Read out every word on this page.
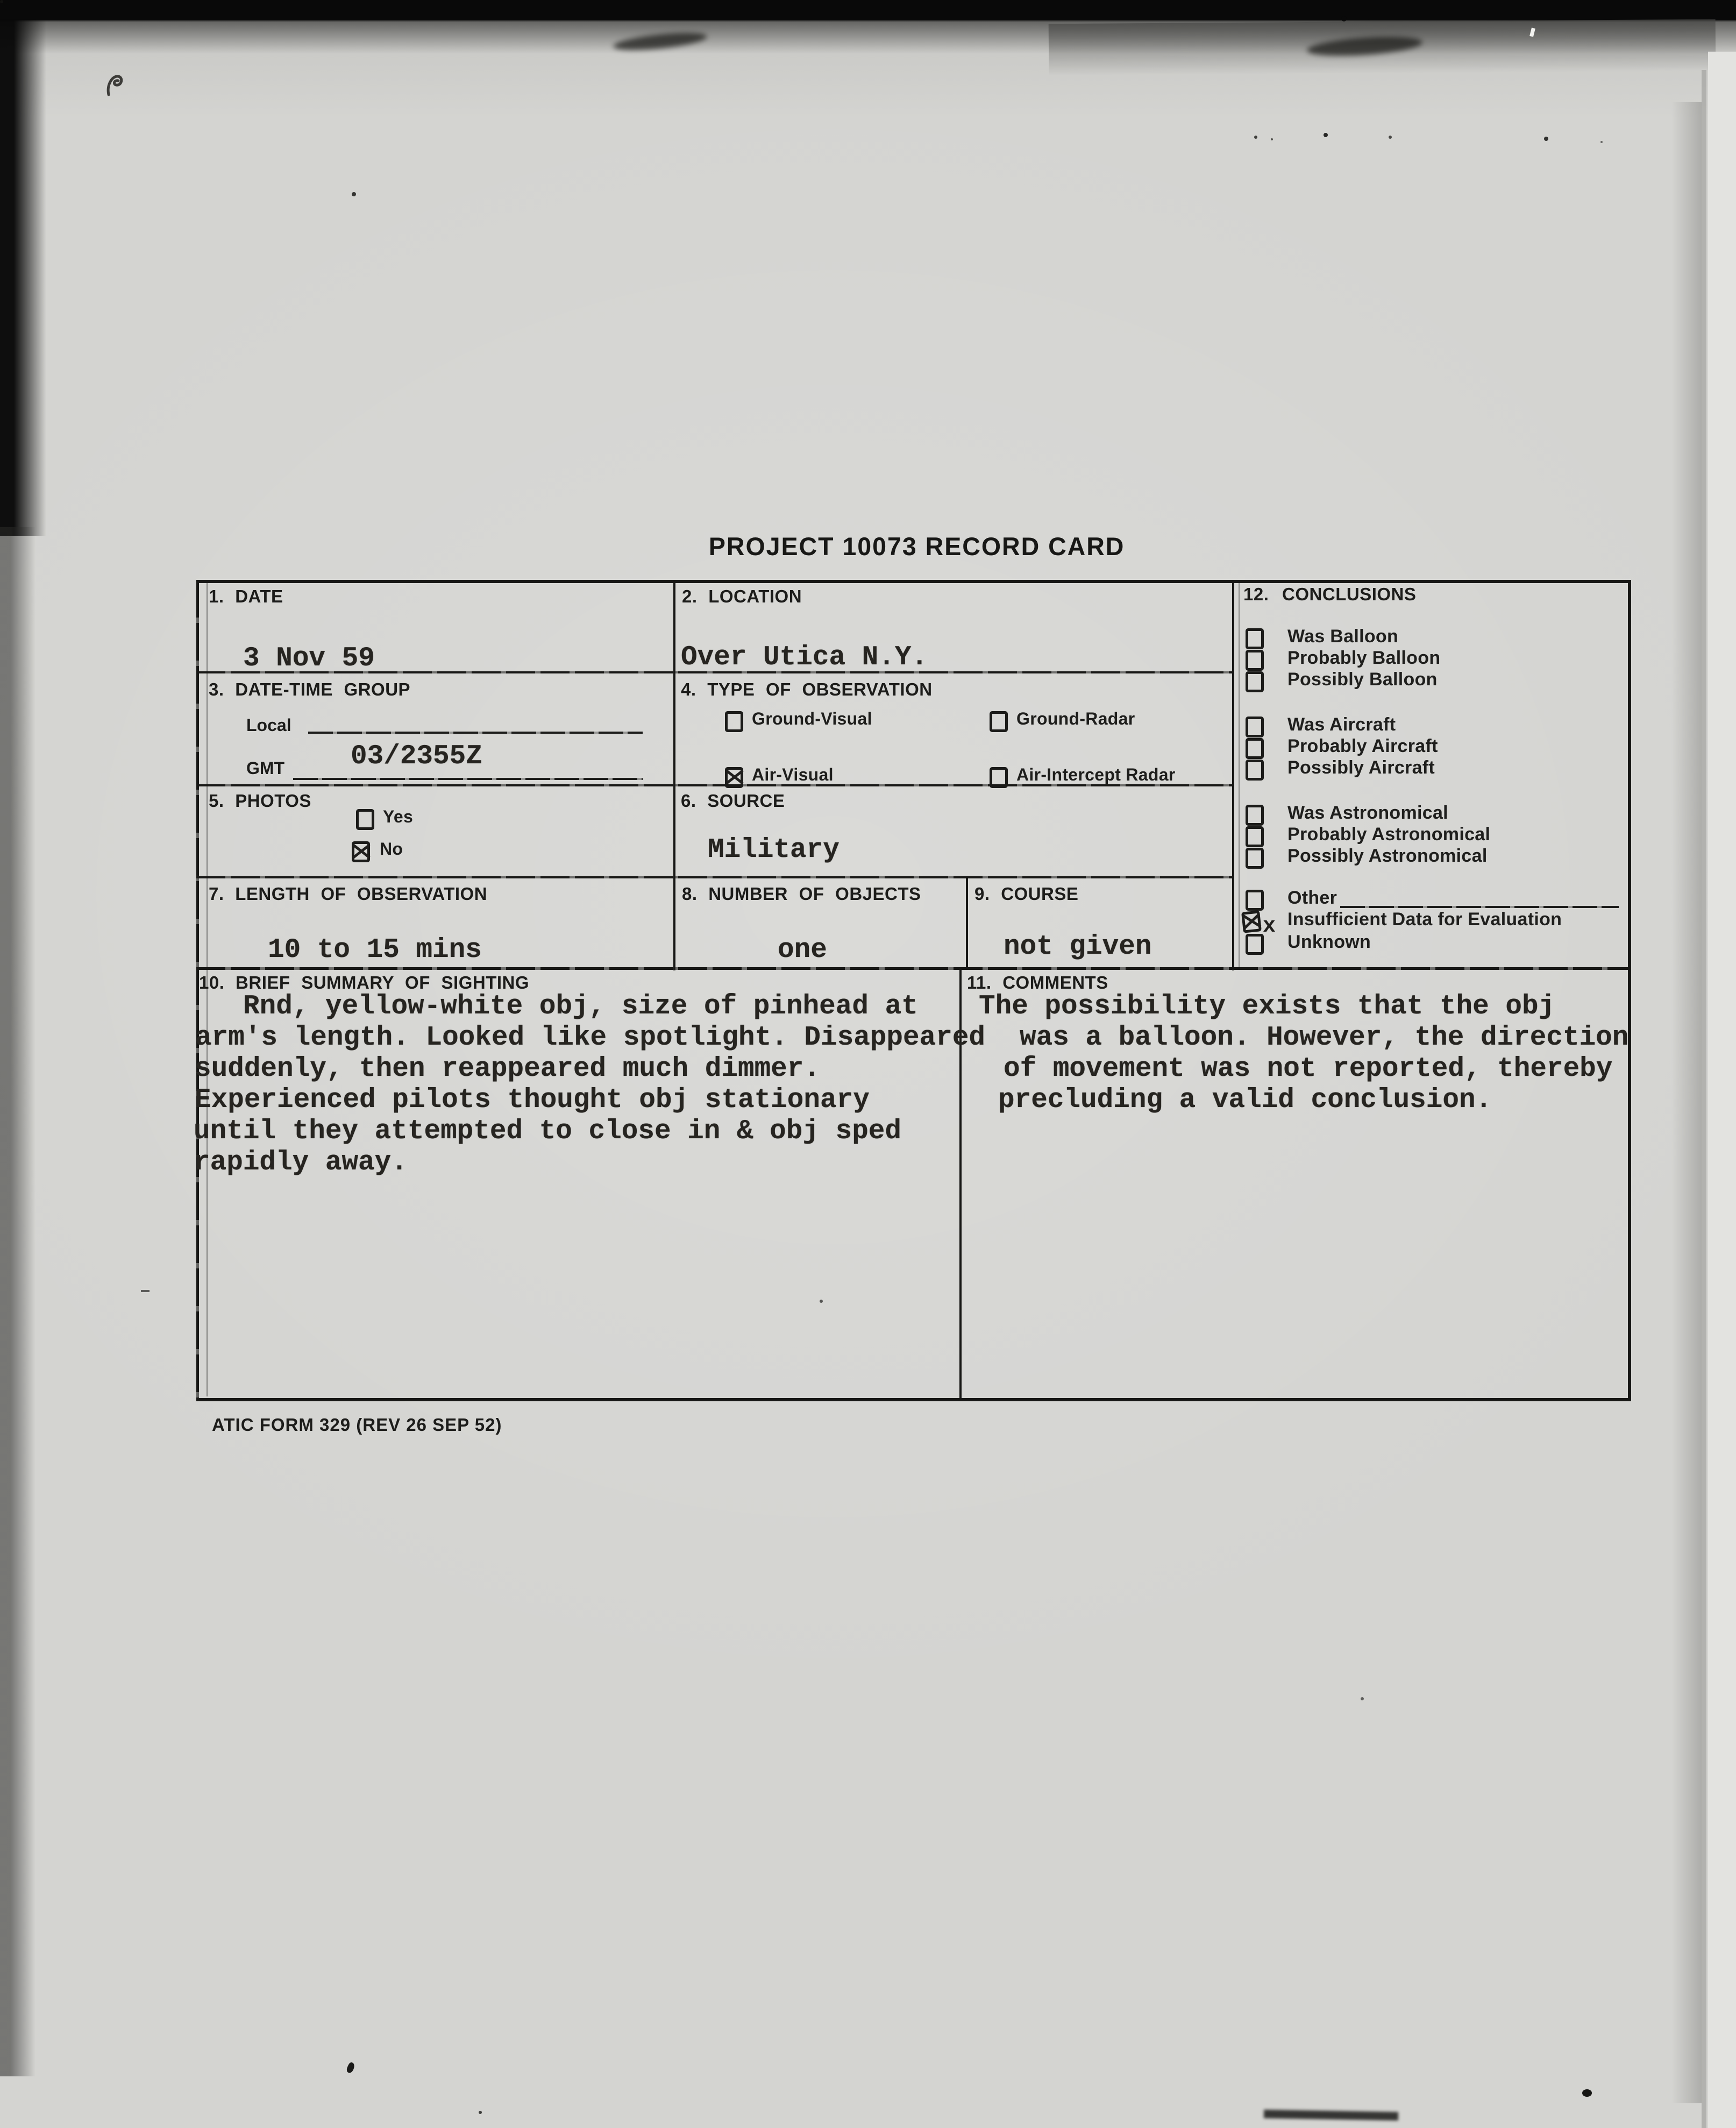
PROJECT 10073 RECORD CARD
1. DATE
3 Nov 59
2. LOCATION
Over Utica N.Y.
3. DATE-TIME GROUP
Local
GMT 03/2355Z
4. TYPE OF OBSERVATION
Ground-Visual	Ground-Radar
Air-Visual	Air-Intercept Radar
5. PHOTOS
Yes
No
6. SOURCE
Military
7. LENGTH OF OBSERVATION
10 to 15 mins
8. NUMBER OF OBJECTS
one
9. COURSE
not given
10. BRIEF SUMMARY OF SIGHTING
Rnd, yellow-white obj, size of pinhead at
arm's length. Looked like spotlight. Disappeared
suddenly, then reappeared much dimmer.
Experienced pilots thought obj stationary
until they attempted to close in & obj sped
rapidly away.
11. COMMENTS
The possibility exists that the obj
was a balloon. However, the direction
of movement was not reported, thereby
precluding a valid conclusion.
12. CONCLUSIONS
Was Balloon
Probably Balloon
Possibly Balloon
Was Aircraft
Probably Aircraft
Possibly Aircraft
Was Astronomical
Probably Astronomical
Possibly Astronomical
Other
x Insufficient Data for Evaluation
Unknown
ATIC FORM 329 (REV 26 SEP 52)
